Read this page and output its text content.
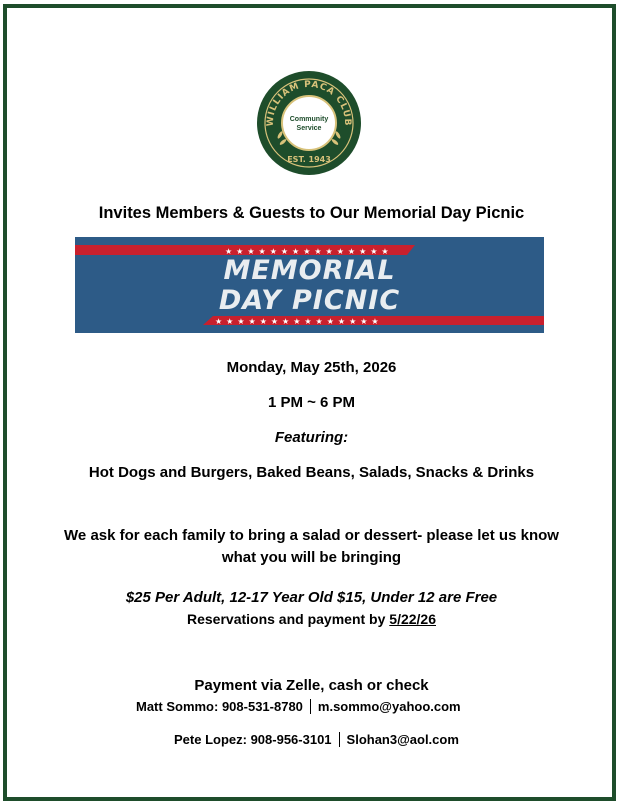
WILLIAM PACA CLUB
Community
Service
EST. 1943
Invites Members & Guests to Our Memorial Day Picnic
★★★★★★★★★★★★★★★
★★★★★★★★★★★★★★★
MEMORIAL
DAY PICNIC
Monday, May 25th, 2026
1 PM ~ 6 PM
Featuring:
Hot Dogs and Burgers, Baked Beans, Salads, Snacks & Drinks
We ask for each family to bring a salad or dessert- please let us know what you will be bringing
$25 Per Adult, 12-17 Year Old $15, Under 12 are Free
Reservations and payment by 5/22/26
Payment via Zelle, cash or check
Matt Sommo: 908-531-8780 m.sommo@yahoo.com
Pete Lopez: 908-956-3101 Slohan3@aol.com
